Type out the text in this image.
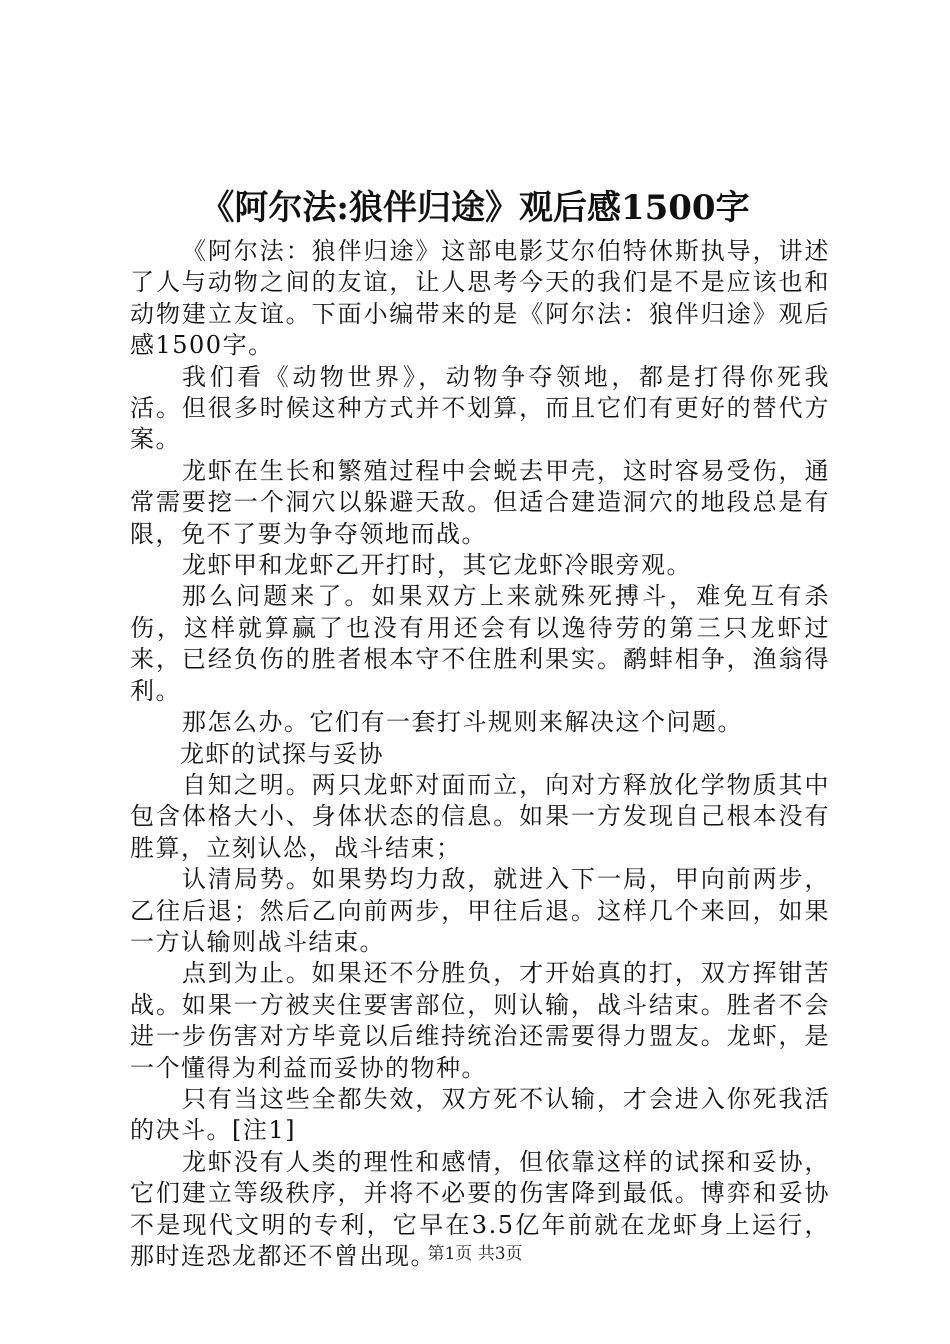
《阿尔法:狼伴归途》观后感1500字

《阿尔法：狼伴归途》这部电影艾尔伯特休斯执导，讲述了人与动物之间的友谊，让人思考今天的我们是不是应该也和动物建立友谊。下面小编带来的是《阿尔法：狼伴归途》观后感1500字。

我们看《动物世界》，动物争夺领地，都是打得你死我活。但很多时候这种方式并不划算，而且它们有更好的替代方案。

龙虾在生长和繁殖过程中会蜕去甲壳，这时容易受伤，通常需要挖一个洞穴以躲避天敌。但适合建造洞穴的地段总是有限，免不了要为争夺领地而战。

龙虾甲和龙虾乙开打时，其它龙虾冷眼旁观。

那么问题来了。如果双方上来就殊死搏斗，难免互有杀伤，这样就算赢了也没有用还会有以逸待劳的第三只龙虾过来，已经负伤的胜者根本守不住胜利果实。鹬蚌相争，渔翁得利。

那怎么办。它们有一套打斗规则来解决这个问题。

龙虾的试探与妥协

自知之明。两只龙虾对面而立，向对方释放化学物质其中包含体格大小、身体状态的信息。如果一方发现自己根本没有胜算，立刻认怂，战斗结束；

认清局势。如果势均力敌，就进入下一局，甲向前两步，乙往后退；然后乙向前两步，甲往后退。这样几个来回，如果一方认输则战斗结束。

点到为止。如果还不分胜负，才开始真的打，双方挥钳苦战。如果一方被夹住要害部位，则认输，战斗结束。胜者不会进一步伤害对方毕竟以后维持统治还需要得力盟友。龙虾，是一个懂得为利益而妥协的物种。

只有当这些全都失效，双方死不认输，才会进入你死我活的决斗。[注1]

龙虾没有人类的理性和感情，但依靠这样的试探和妥协，它们建立等级秩序，并将不必要的伤害降到最低。博弈和妥协不是现代文明的专利，它早在3.5亿年前就在龙虾身上运行，那时连恐龙都还不曾出现。

第1页 共3页
